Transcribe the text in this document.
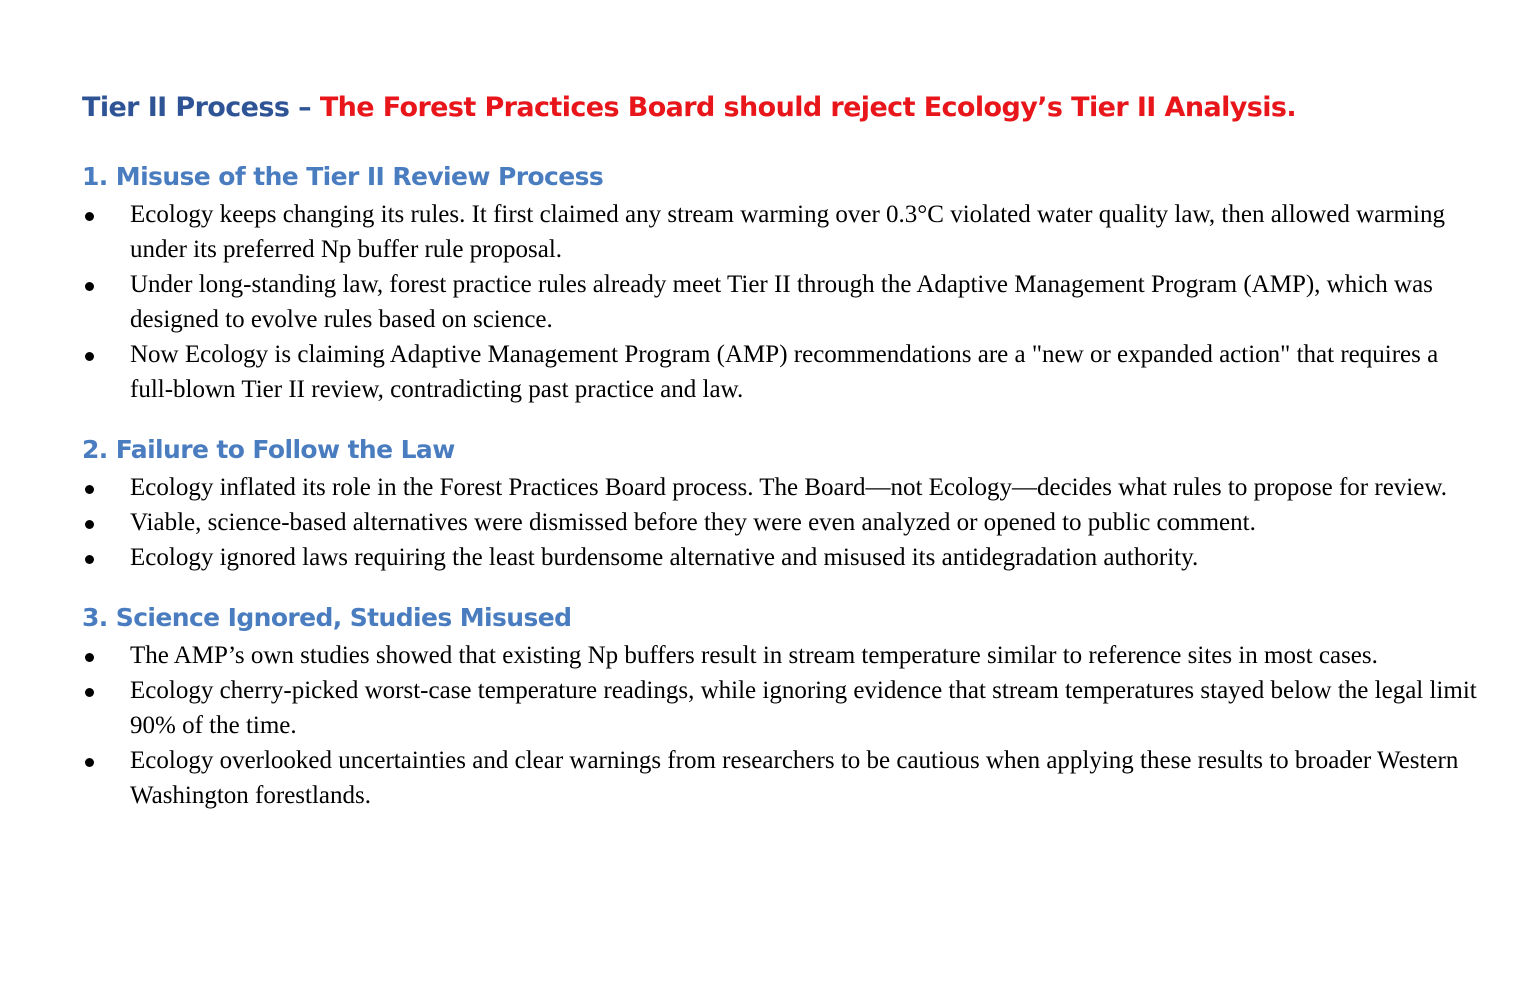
Tier II Process – The Forest Practices Board should reject Ecology’s Tier II Analysis.
1. Misuse of the Tier II Review Process
Ecology keeps changing its rules. It first claimed any stream warming over 0.3°C violated water quality law, then allowed warming under its preferred Np buffer rule proposal.
Under long-standing law, forest practice rules already meet Tier II through the Adaptive Management Program (AMP), which was designed to evolve rules based on science.
Now Ecology is claiming Adaptive Management Program (AMP) recommendations are a "new or expanded action" that requires a full-blown Tier II review, contradicting past practice and law.
2. Failure to Follow the Law
Ecology inflated its role in the Forest Practices Board process. The Board—not Ecology—decides what rules to propose for review.
Viable, science-based alternatives were dismissed before they were even analyzed or opened to public comment.
Ecology ignored laws requiring the least burdensome alternative and misused its antidegradation authority.
3. Science Ignored, Studies Misused
The AMP’s own studies showed that existing Np buffers result in stream temperature similar to reference sites in most cases.
Ecology cherry-picked worst-case temperature readings, while ignoring evidence that stream temperatures stayed below the legal limit 90% of the time.
Ecology overlooked uncertainties and clear warnings from researchers to be cautious when applying these results to broader Western Washington forestlands.
